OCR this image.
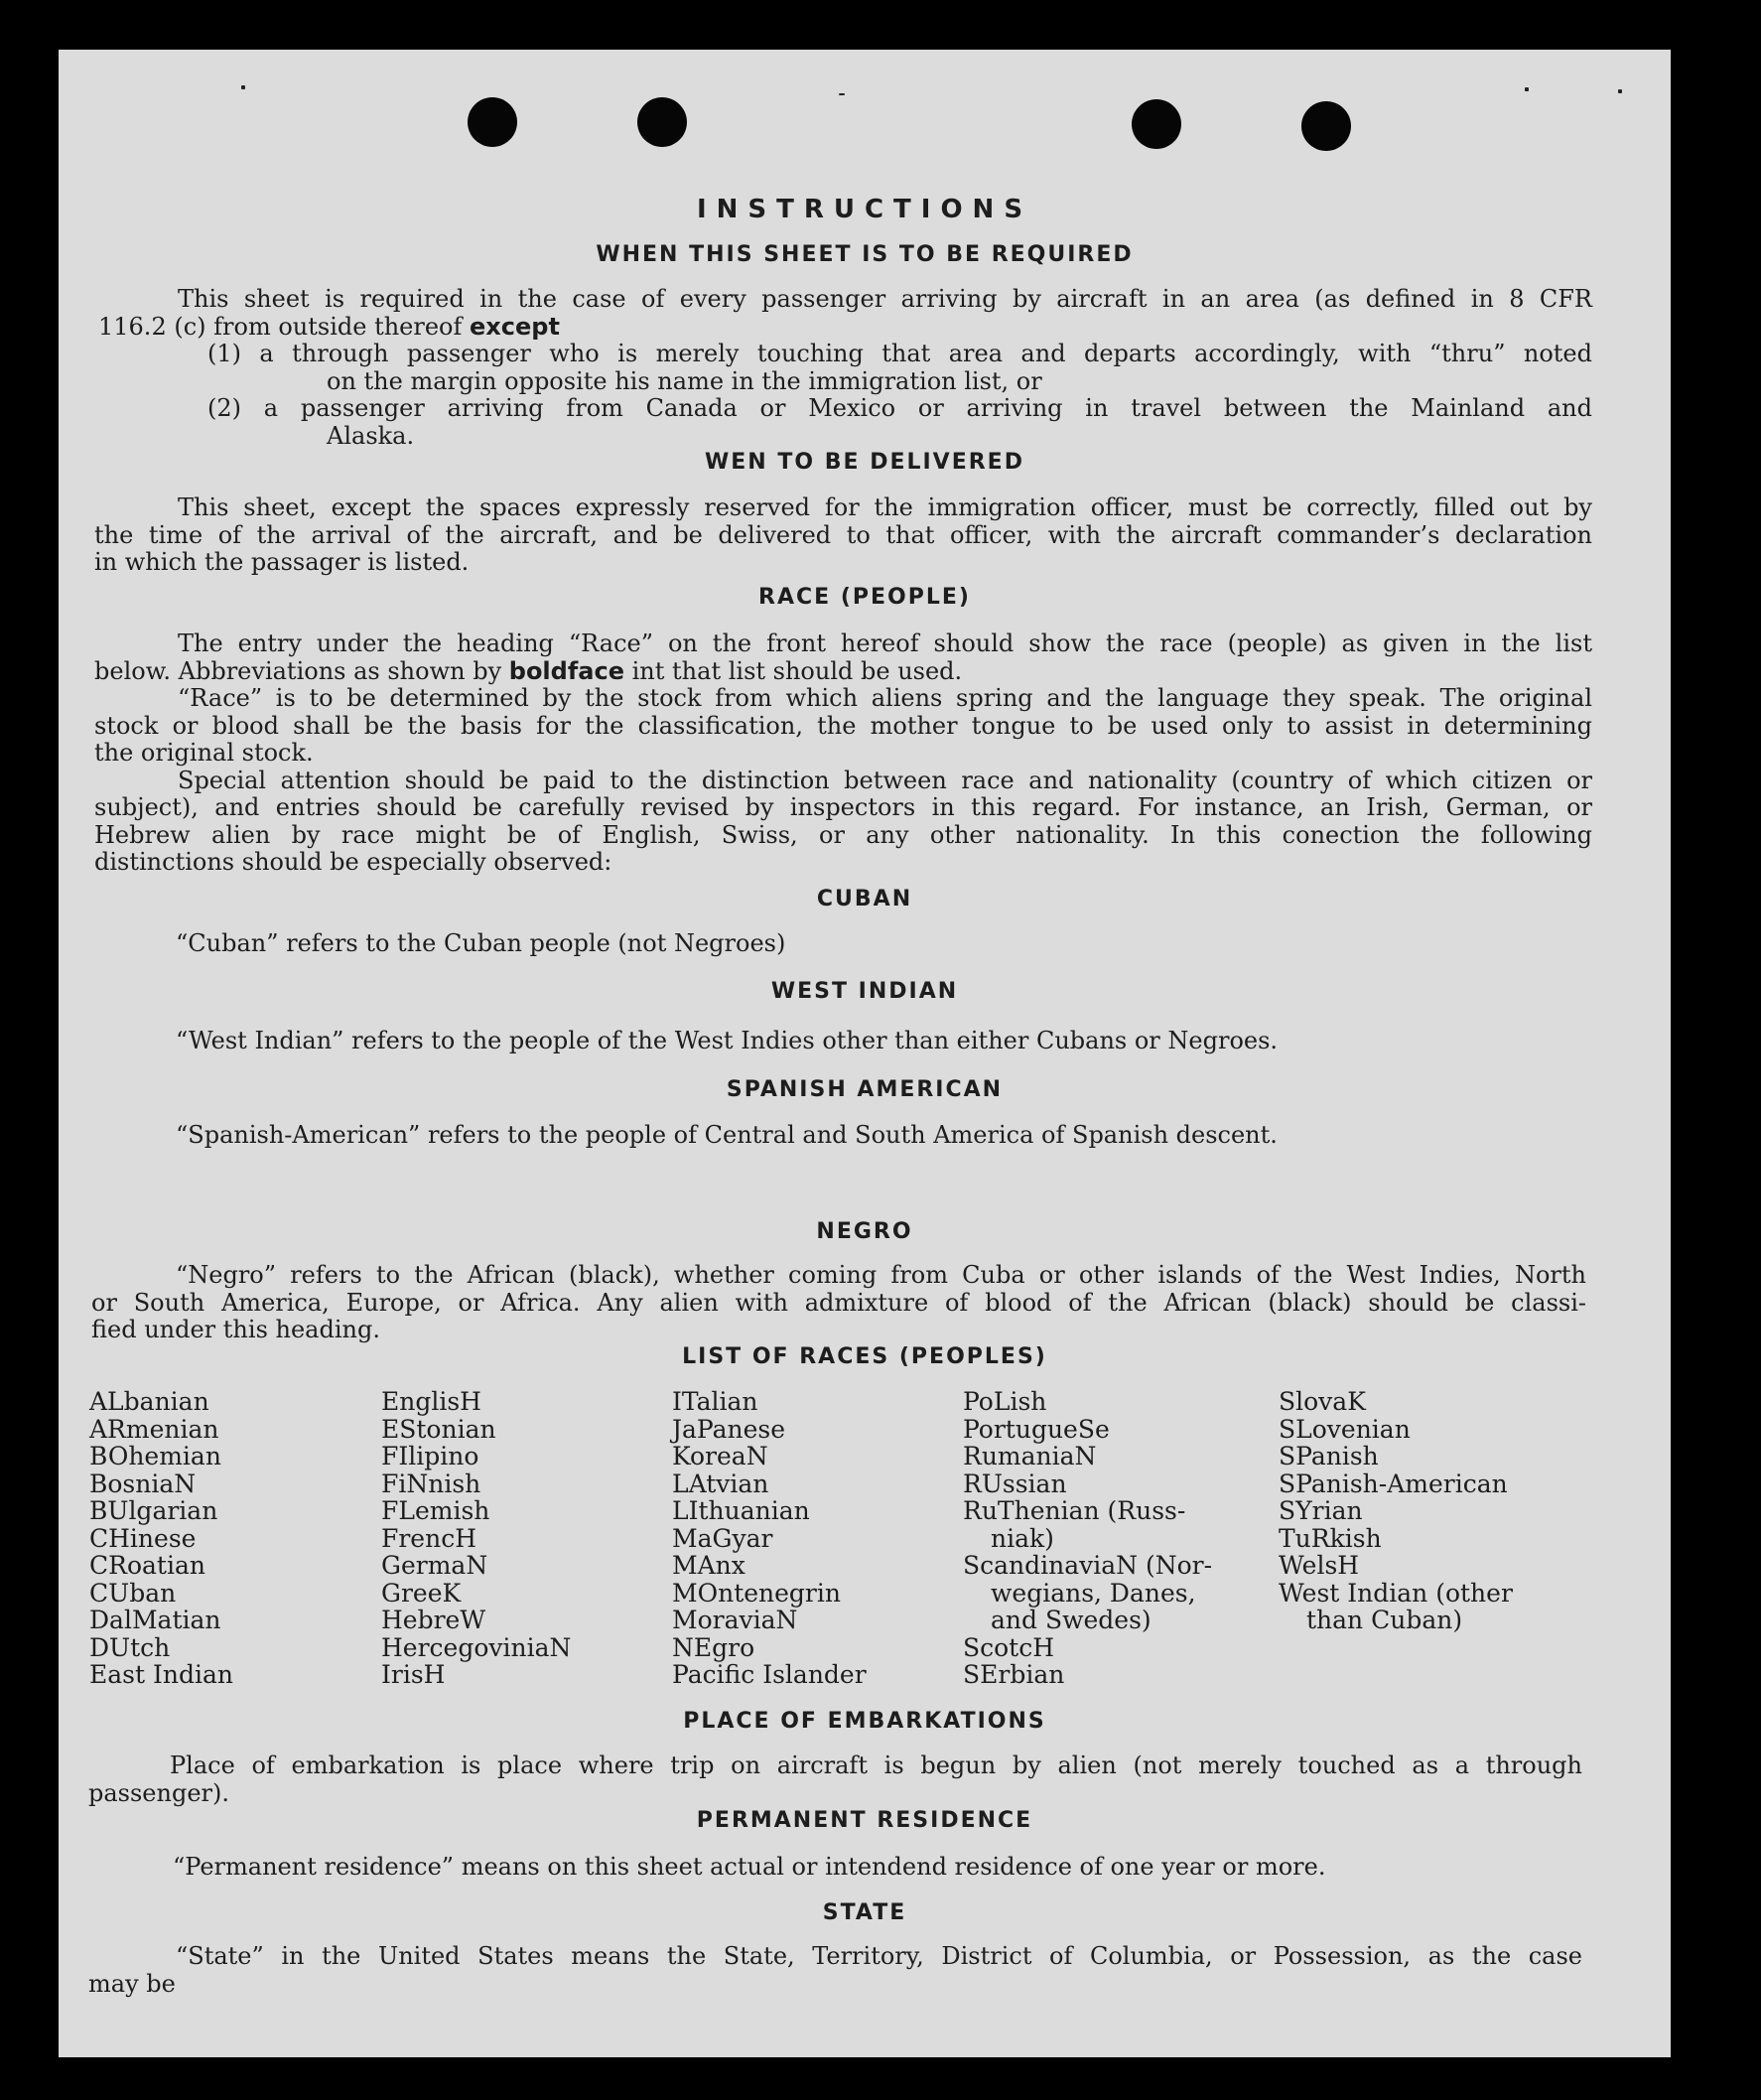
INSTRUCTIONS
WHEN THIS SHEET IS TO BE REQUIRED
This sheet is required in the case of every passenger arriving by aircraft in an area (as defined in 8 CFR
116.2 (c) from outside thereof except
(1) a through passenger who is merely touching that area and departs accordingly, with “thru” noted
on the margin opposite his name in the immigration list, or
(2) a passenger arriving from Canada or Mexico or arriving in travel between the Mainland and
Alaska.
WEN TO BE DELIVERED
This sheet, except the spaces expressly reserved for the immigration officer, must be correctly, filled out by
the time of the arrival of the aircraft, and be delivered to that officer, with the aircraft commander’s declaration
in which the passager is listed.
RACE (PEOPLE)
The entry under the heading “Race” on the front hereof should show the race (people) as given in the list
below. Abbreviations as shown by boldface int that list should be used.
“Race” is to be determined by the stock from which aliens spring and the language they speak. The original
stock or blood shall be the basis for the classification, the mother tongue to be used only to assist in determining
the original stock.
Special attention should be paid to the distinction between race and nationality (country of which citizen or
subject), and entries should be carefully revised by inspectors in this regard. For instance, an Irish, German, or
Hebrew alien by race might be of English, Swiss, or any other nationality. In this conection the following
distinctions should be especially observed:
CUBAN
“Cuban” refers to the Cuban people (not Negroes)
WEST INDIAN
“West Indian” refers to the people of the West Indies other than either Cubans or Negroes.
SPANISH AMERICAN
“Spanish-American” refers to the people of Central and South America of Spanish descent.
NEGRO
“Negro” refers to the African (black), whether coming from Cuba or other islands of the West Indies, North
or South America, Europe, or Africa. Any alien with admixture of blood of the African (black) should be classi-
fied under this heading.
LIST OF RACES (PEOPLES)
ALbanian
ARmenian
BOhemian
BosniaN
BUlgarian
CHinese
CRoatian
CUban
DalMatian
DUtch
East Indian
EnglisH
EStonian
FIlipino
FiNnish
FLemish
FrencH
GermaN
GreeK
HebreW
HercegoviniaN
IrisH
ITalian
JaPanese
KoreaN
LAtvian
LIthuanian
MaGyar
MAnx
MOntenegrin
MoraviaN
NEgro
Pacific Islander
PoLish
PortugueSe
RumaniaN
RUssian
RuThenian (Russ-
niak)
ScandinaviaN (Nor-
wegians, Danes,
and Swedes)
ScotcH
SErbian
SlovaK
SLovenian
SPanish
SPanish-American
SYrian
TuRkish
WelsH
West Indian (other
than Cuban)
PLACE OF EMBARKATIONS
Place of embarkation is place where trip on aircraft is begun by alien (not merely touched as a through
passenger).
PERMANENT RESIDENCE
“Permanent residence” means on this sheet actual or intendend residence of one year or more.
STATE
“State” in the United States means the State, Territory, District of Columbia, or Possession, as the case
may be
